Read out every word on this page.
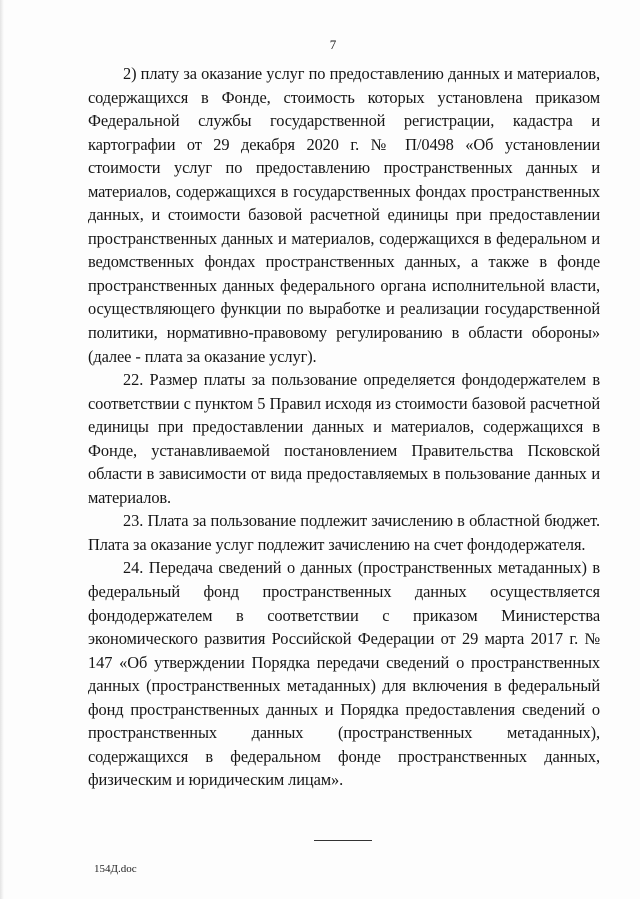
7

2) плату за оказание услуг по предоставлению данных и материалов, содержащихся в Фонде, стоимость которых установлена приказом Федеральной службы государственной регистрации, кадастра и картографии от 29 декабря 2020 г. № П/0498 «Об установлении стоимости услуг по предоставлению пространственных данных и материалов, содержащихся в государственных фондах пространственных данных, и стоимости базовой расчетной единицы при предоставлении пространственных данных и материалов, содержащихся в федеральном и ведомственных фондах пространственных данных, а также в фонде пространственных данных федерального органа исполнительной власти, осуществляющего функции по выработке и реализации государственной политики, нормативно-правовому регулированию в области обороны» (далее - плата за оказание услуг).

22. Размер платы за пользование определяется фондодержателем в соответствии с пунктом 5 Правил исходя из стоимости базовой расчетной единицы при предоставлении данных и материалов, содержащихся в Фонде, устанавливаемой постановлением Правительства Псковской области в зависимости от вида предоставляемых в пользование данных и материалов.

23. Плата за пользование подлежит зачислению в областной бюджет. Плата за оказание услуг подлежит зачислению на счет фондодержателя.

24. Передача сведений о данных (пространственных метаданных) в федеральный фонд пространственных данных осуществляется фондодержателем в соответствии с приказом Министерства экономического развития Российской Федерации от 29 марта 2017 г. № 147 «Об утверждении Порядка передачи сведений о пространственных данных (пространственных метаданных) для включения в федеральный фонд пространственных данных и Порядка предоставления сведений о пространственных данных (пространственных метаданных), содержащихся в федеральном фонде пространственных данных, физическим и юридическим лицам».

154Д.doc
